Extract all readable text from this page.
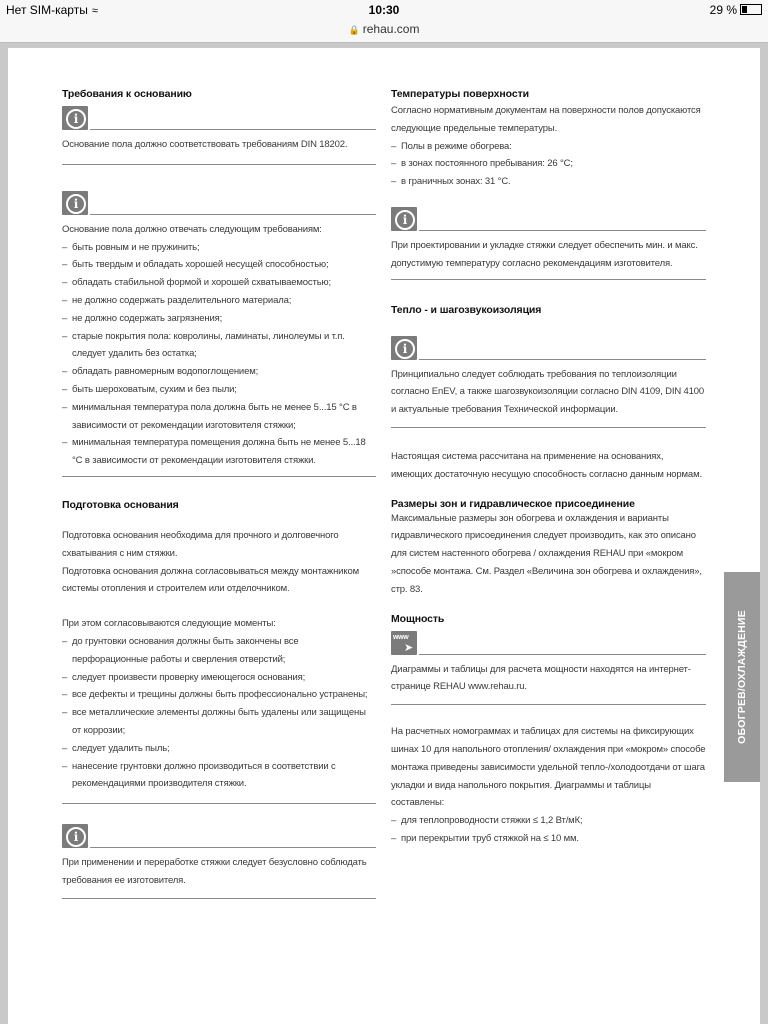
Нет SIM-карты ≈	10:30	29 %
🔒 rehau.com
Требования к основанию
i

Основание пола должно соответствовать требованиям DIN 18202.

i

Основание пола должно отвечать следующим требованиям:

– быть ровным и не пружинить;
– быть твердым и обладать хорошей несущей способностью;
– обладать стабильной формой и хорошей схватываемостью;
– не должно содержать разделительного материала;
– не должно содержать загрязнения;
– старые покрытия пола: ковролины, ламинаты, линолеумы и т.п. следует удалить без остатка;
– обладать равномерным водопоглощением;
– быть шероховатым, сухим и без пыли;
– минимальная температура пола должна быть не менее 5...15 °С в зависимости от рекомендации изготовителя стяжки;
– минимальная температура помещения должна быть не менее 5...18 °С в зависимости от рекомендации изготовителя стяжки.
Подготовка основания

Подготовка основания необходима для прочного и долговечного схватывания с ним стяжки.

Подготовка основания должна согласовываться между монтажником системы отопления и строителем или отделочником.

При этом согласовываются следующие моменты:

– до грунтовки основания должны быть закончены все перфорационные работы и сверления отверстий;
– следует произвести проверку имеющегося основания;
– все дефекты и трещины должны быть профессионально устранены;
– все металлические элементы должны быть удалены или защищены от коррозии;
– следует удалить пыль;
– нанесение грунтовки должно производиться в соответствии с рекомендациями производителя стяжки.
i

При применении и переработке стяжки следует безусловно соблюдать требования ее изготовителя.

Температуры поверхности

Согласно нормативным документам на поверхности полов допускаются следующие предельные температуры.

– Полы в режиме обогрева:
– в зонах постоянного пребывания: 26 °С;
– в граничных зонах: 31 °С.
i

При проектировании и укладке стяжки следует обеспечить мин. и макс. допустимую температуру согласно рекомендациям изготовителя.

Тепло - и шагозвукоизоляция
i

Принципиально следует соблюдать требования по теплоизоляции согласно EnEV, а также шагозвукоизоляции согласно DIN 4109, DIN 4100 и актуальные требования Технической информации.

Настоящая система рассчитана на применение на основаниях, имеющих достаточную несущую способность согласно данным нормам.

Размеры зон и гидравлическое присоединение

Максимальные размеры зон обогрева и охлаждения и варианты гидравлического присоединения следует производить, как это описано для систем настенного обогрева / охлаждения REHAU при «мокром »способе монтажа. См. Раздел «Величина зон обогрева и охлаждения», стр. 83.

Мощность
www
➤

Диаграммы и таблицы для расчета мощности находятся на интернет-странице REHAU www.rehau.ru.

На расчетных номограммах и таблицах для системы на фиксирующих шинах 10 для напольного отопления/ охлаждения при «мокром» способе монтажа приведены зависимости удельной тепло-/холодоотдачи от шага укладки и вида напольного покрытия. Диаграммы и таблицы составлены:

– для теплопроводности стяжки ≤ 1,2 Вт/мК;
– при перекрытии труб стяжкой на ≤ 10 мм.
ОБОГРЕВ/ОХЛАЖДЕНИЕ
